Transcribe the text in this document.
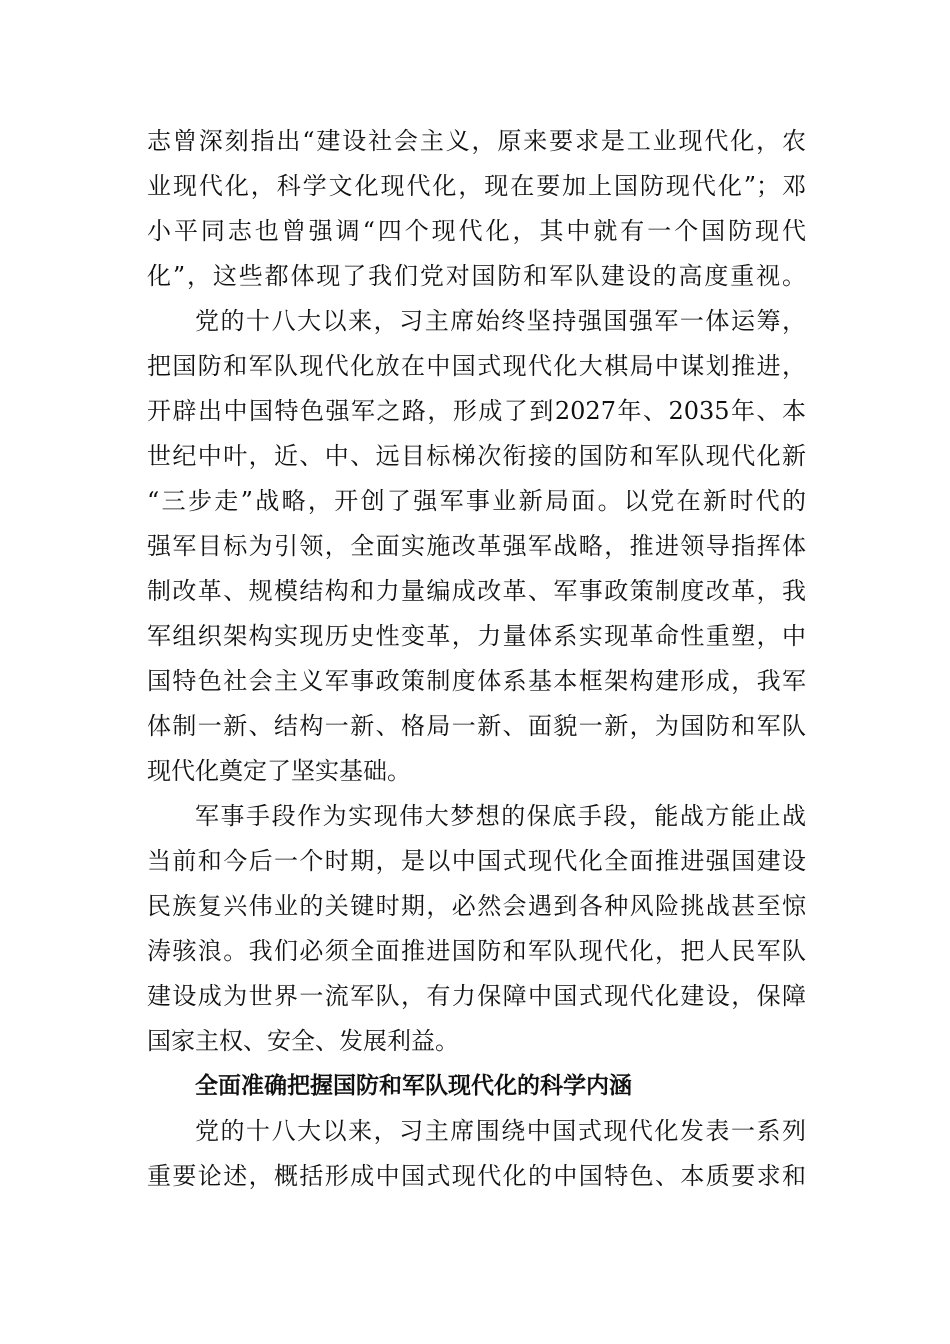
志曾深刻指出“建设社会主义，原来要求是工业现代化，农
业现代化，科学文化现代化，现在要加上国防现代化”；邓
小平同志也曾强调“四个现代化，其中就有一个国防现代
化”，这些都体现了我们党对国防和军队建设的高度重视。
党的十八大以来，习主席始终坚持强国强军一体运筹，
把国防和军队现代化放在中国式现代化大棋局中谋划推进，
开辟出中国特色强军之路，形成了到2027年、2035年、本
世纪中叶，近、中、远目标梯次衔接的国防和军队现代化新
“三步走”战略，开创了强军事业新局面。以党在新时代的
强军目标为引领，全面实施改革强军战略，推进领导指挥体
制改革、规模结构和力量编成改革、军事政策制度改革，我
军组织架构实现历史性变革，力量体系实现革命性重塑，中
国特色社会主义军事政策制度体系基本框架构建形成，我军
体制一新、结构一新、格局一新、面貌一新，为国防和军队
现代化奠定了坚实基础。
军事手段作为实现伟大梦想的保底手段，能战方能止战
当前和今后一个时期，是以中国式现代化全面推进强国建设
民族复兴伟业的关键时期，必然会遇到各种风险挑战甚至惊
涛骇浪。我们必须全面推进国防和军队现代化，把人民军队
建设成为世界一流军队，有力保障中国式现代化建设，保障
国家主权、安全、发展利益。
全面准确把握国防和军队现代化的科学内涵
党的十八大以来，习主席围绕中国式现代化发表一系列
重要论述，概括形成中国式现代化的中国特色、本质要求和
